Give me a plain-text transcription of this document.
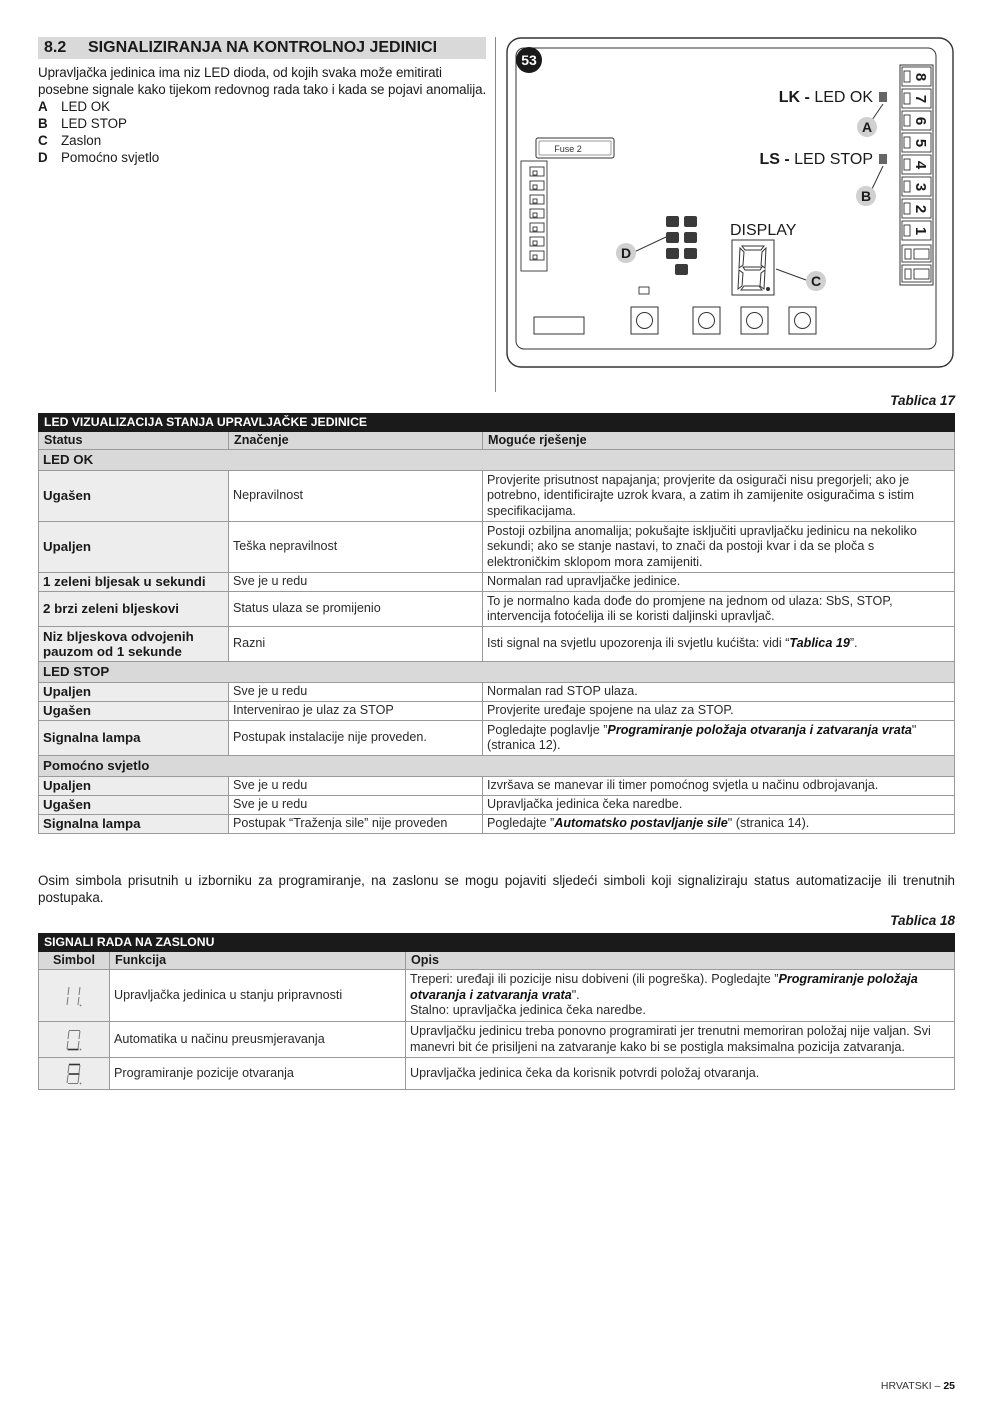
8.2	SIGNALIZIRANJA NA KONTROLNOJ JEDINICI
Upravljačka jedinica ima niz LED dioda, od kojih svaka može emitirati posebne signale kako tijekom redovnog rada tako i kada se pojavi anomalija.
A LED OK
B LED STOP
C Zaslon
D Pomoćno svjetlo
53
Fuse 2
D
DISPLAY
C
LK - LED OK
A
LS - LED STOP
B
8
7
6
5
4
3
2
1
Tablica 17
LED VIZUALIZACIJA STANJA UPRAVLJAČKE JEDINICE		
Status	Značenje	Moguće rješenje
LED OK		
Ugašen	Nepravilnost	Provjerite prisutnost napajanja; provjerite da osigurači nisu pregorjeli; ako je potrebno, identificirajte uzrok kvara, a zatim ih zamijenite osiguračima s istim specifikacijama.
Upaljen	Teška nepravilnost	Postoji ozbiljna anomalija; pokušajte isključiti upravljačku jedinicu na nekoliko sekundi; ako se stanje nastavi, to znači da postoji kvar i da se ploča s elektroničkim sklopom mora zamijeniti.
1 zeleni bljesak u sekundi	Sve je u redu	Normalan rad upravljačke jedinice.
2 brzi zeleni bljeskovi	Status ulaza se promijenio	To je normalno kada dođe do promjene na jednom od ulaza: SbS, STOP, intervencija fotoćelija ili se koristi daljinski upravljač.
Niz bljeskova odvojenih pauzom od 1 sekunde	Razni	Isti signal na svjetlu upozorenja ili svjetlu kućišta: vidi “Tablica 19”.
LED STOP		
Upaljen	Sve je u redu	Normalan rad STOP ulaza.
Ugašen	Intervenirao je ulaz za STOP	Provjerite uređaje spojene na ulaz za STOP.
Signalna lampa	Postupak instalacije nije proveden.	Pogledajte poglavlje ”Programiranje položaja otvaranja i zatvaranja vrata" (stranica 12).
Pomoćno svjetlo		
Upaljen	Sve je u redu	Izvršava se manevar ili timer pomoćnog svjetla u načinu odbrojavanja.
Ugašen	Sve je u redu	Upravljačka jedinica čeka naredbe.
Signalna lampa	Postupak “Traženja sile” nije proveden	Pogledajte ”Automatsko postavljanje sile" (stranica 14).
Osim simbola prisutnih u izborniku za programiranje, na zaslonu se mogu pojaviti sljedeći simboli koji signaliziraju status automatizacije ili trenutnih postupaka.
Tablica 18
SIGNALI RADA NA ZASLONU		
Simbol	Funkcija	Opis
	Upravljačka jedinica u stanju pripravnosti	Treperi: uređaji ili pozicije nisu dobiveni (ili pogreška). Pogledajte ”Programiranje položaja otvaranja i zatvaranja vrata".
Stalno: upravljačka jedinica čeka naredbe.
	Automatika u načinu preusmjeravanja	Upravljačku jedinicu treba ponovno programirati jer trenutni memoriran položaj nije valjan. Svi manevri bit će prisiljeni na zatvaranje kako bi se postigla maksimalna pozicija zatvaranja.
	Programiranje pozicije otvaranja	Upravljačka jedinica čeka da korisnik potvrdi položaj otvaranja.
HRVATSKI – 25
